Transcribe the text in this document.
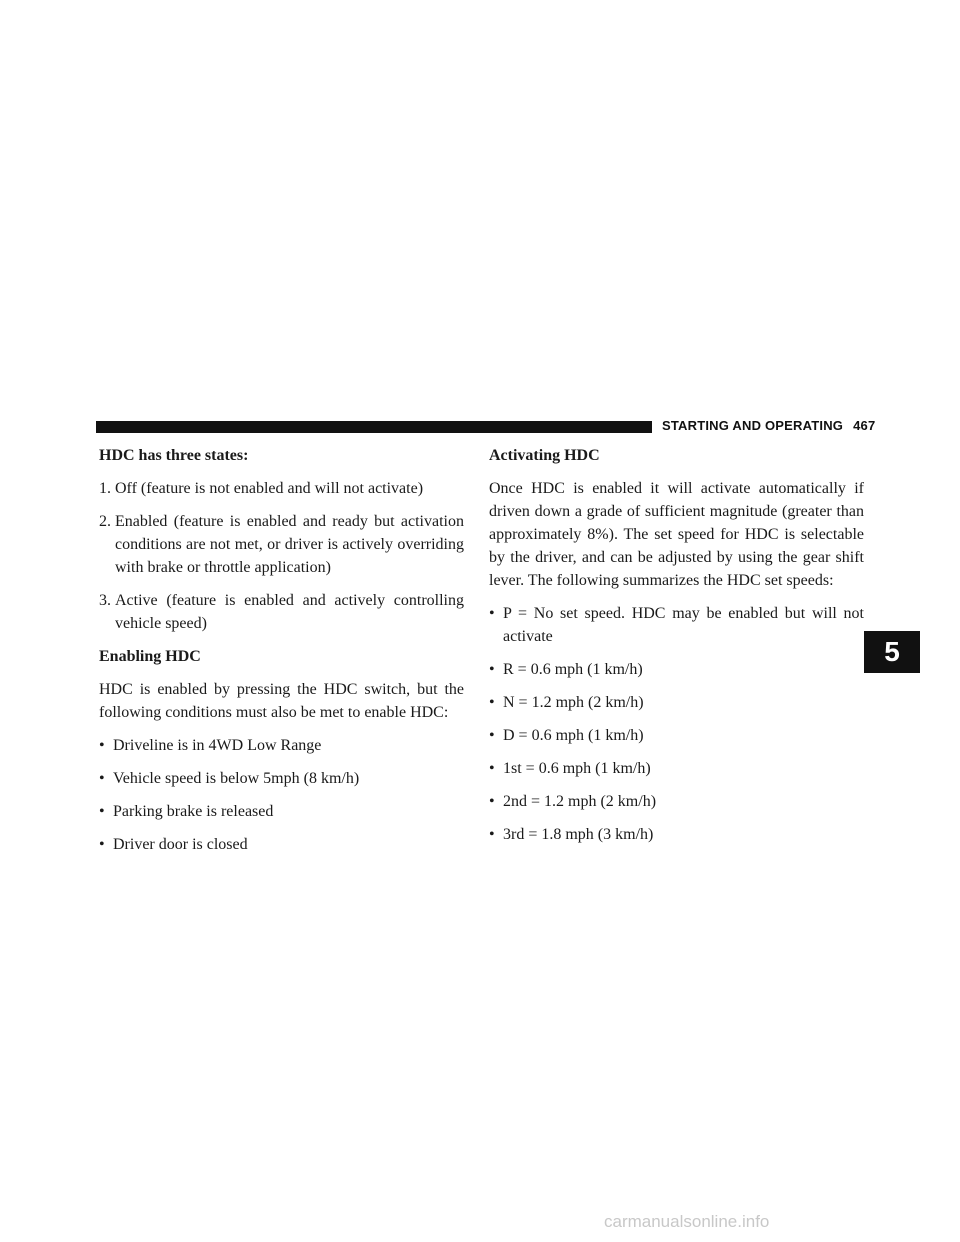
STARTING AND OPERATING 467

HDC has three states:

1. Off (feature is not enabled and will not activate)
2. Enabled (feature is enabled and ready but activation conditions are not met, or driver is actively overriding with brake or throttle application)
3. Active (feature is enabled and actively controlling vehicle speed)

Enabling HDC

HDC is enabled by pressing the HDC switch, but the following conditions must also be met to enable HDC:

• Driveline is in 4WD Low Range
• Vehicle speed is below 5mph (8 km/h)
• Parking brake is released
• Driver door is closed

Activating HDC

Once HDC is enabled it will activate automatically if driven down a grade of sufficient magnitude (greater than approximately 8%). The set speed for HDC is selectable by the driver, and can be adjusted by using the gear shift lever. The following summarizes the HDC set speeds:

• P = No set speed. HDC may be enabled but will not activate
• R = 0.6 mph (1 km/h)
• N = 1.2 mph (2 km/h)
• D = 0.6 mph (1 km/h)
• 1st = 0.6 mph (1 km/h)
• 2nd = 1.2 mph (2 km/h)
• 3rd = 1.8 mph (3 km/h)
5
carmanualsonline.info
